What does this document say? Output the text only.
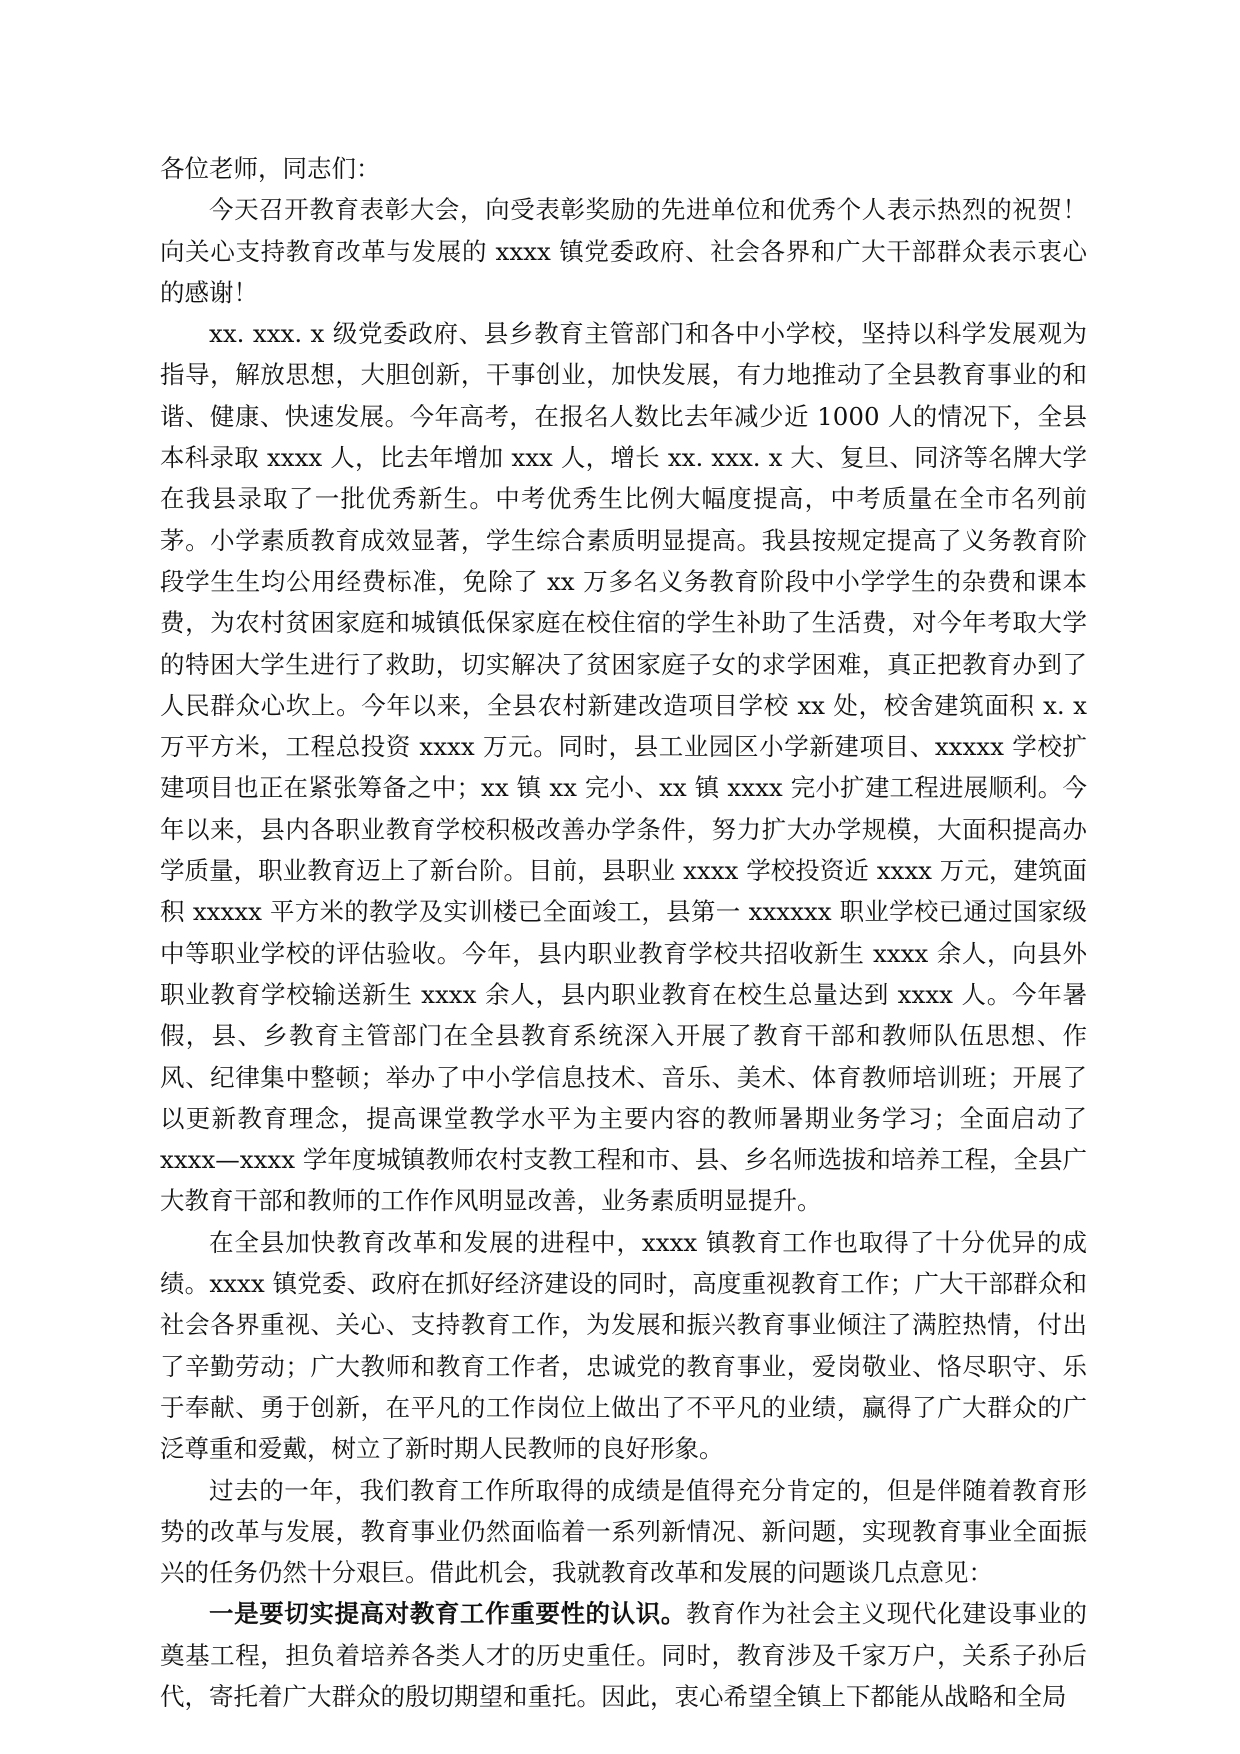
各位老师，同志们：

今天召开教育表彰大会，向受表彰奖励的先进单位和优秀个人表示热烈的祝贺！向关心支持教育改革与发展的 xxxx 镇党委政府、社会各界和广大干部群众表示衷心的感谢！

xx. xxx. x 级党委政府、县乡教育主管部门和各中小学校，坚持以科学发展观为指导，解放思想，大胆创新，干事创业，加快发展，有力地推动了全县教育事业的和谐、健康、快速发展。今年高考，在报名人数比去年减少近 1000 人的情况下，全县本科录取 xxxx 人，比去年增加 xxx 人，增长 xx. xxx. x 大、复旦、同济等名牌大学在我县录取了一批优秀新生。中考优秀生比例大幅度提高，中考质量在全市名列前茅。小学素质教育成效显著，学生综合素质明显提高。我县按规定提高了义务教育阶段学生生均公用经费标准，免除了 xx 万多名义务教育阶段中小学学生的杂费和课本费，为农村贫困家庭和城镇低保家庭在校住宿的学生补助了生活费，对今年考取大学的特困大学生进行了救助，切实解决了贫困家庭子女的求学困难，真正把教育办到了人民群众心坎上。今年以来，全县农村新建改造项目学校 xx 处，校舍建筑面积 x. x 万平方米，工程总投资 xxxx 万元。同时，县工业园区小学新建项目、xxxxx 学校扩建项目也正在紧张筹备之中；xx 镇 xx 完小、xx 镇 xxxx 完小扩建工程进展顺利。今年以来，县内各职业教育学校积极改善办学条件，努力扩大办学规模，大面积提高办学质量，职业教育迈上了新台阶。目前，县职业 xxxx 学校投资近 xxxx 万元，建筑面积 xxxxx 平方米的教学及实训楼已全面竣工，县第一 xxxxxx 职业学校已通过国家级中等职业学校的评估验收。今年，县内职业教育学校共招收新生 xxxx 余人，向县外职业教育学校输送新生 xxxx 余人，县内职业教育在校生总量达到 xxxx 人。今年暑假，县、乡教育主管部门在全县教育系统深入开展了教育干部和教师队伍思想、作风、纪律集中整顿；举办了中小学信息技术、音乐、美术、体育教师培训班；开展了以更新教育理念，提高课堂教学水平为主要内容的教师暑期业务学习；全面启动了 xxxx—xxxx 学年度城镇教师农村支教工程和市、县、乡名师选拔和培养工程，全县广大教育干部和教师的工作作风明显改善，业务素质明显提升。

在全县加快教育改革和发展的进程中，xxxx 镇教育工作也取得了十分优异的成绩。xxxx 镇党委、政府在抓好经济建设的同时，高度重视教育工作；广大干部群众和社会各界重视、关心、支持教育工作，为发展和振兴教育事业倾注了满腔热情，付出了辛勤劳动；广大教师和教育工作者，忠诚党的教育事业，爱岗敬业、恪尽职守、乐于奉献、勇于创新，在平凡的工作岗位上做出了不平凡的业绩，赢得了广大群众的广泛尊重和爱戴，树立了新时期人民教师的良好形象。

过去的一年，我们教育工作所取得的成绩是值得充分肯定的，但是伴随着教育形势的改革与发展，教育事业仍然面临着一系列新情况、新问题，实现教育事业全面振兴的任务仍然十分艰巨。借此机会，我就教育改革和发展的问题谈几点意见：

一是要切实提高对教育工作重要性的认识。教育作为社会主义现代化建设事业的奠基工程，担负着培养各类人才的历史重任。同时，教育涉及千家万户，关系子孙后代，寄托着广大群众的殷切期望和重托。因此，衷心希望全镇上下都能从战略和全局
